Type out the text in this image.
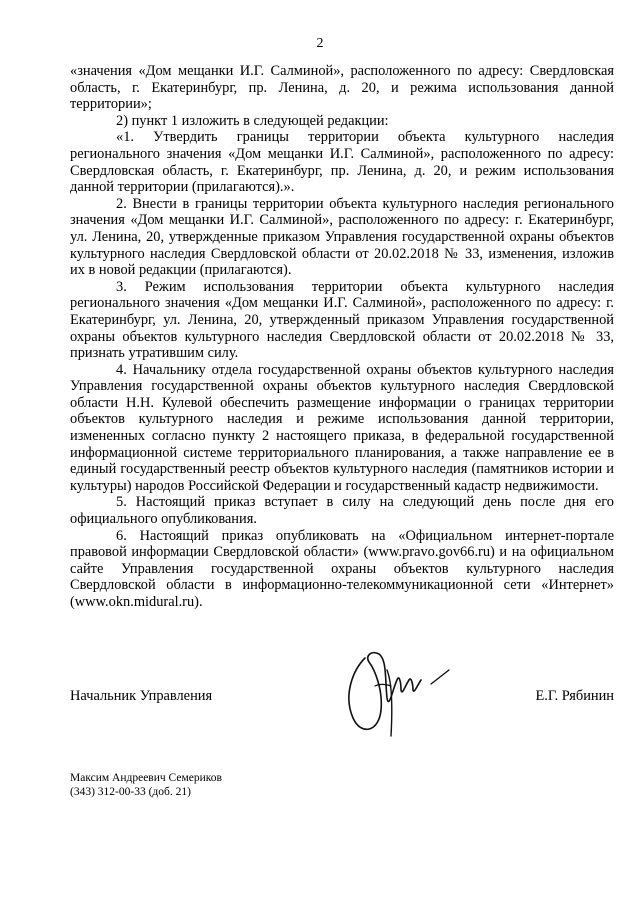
2

«значения «Дом мещанки И.Г. Салминой», расположенного по адресу: Свердловская область, г. Екатеринбург, пр. Ленина, д. 20, и режима использования данной территории»;

2) пункт 1 изложить в следующей редакции:

«1. Утвердить границы территории объекта культурного наследия регионального значения «Дом мещанки И.Г. Салминой», расположенного по адресу: Свердловская область, г. Екатеринбург, пр. Ленина, д. 20, и режим использования данной территории (прилагаются).».

2. Внести в границы территории объекта культурного наследия регионального значения «Дом мещанки И.Г. Салминой», расположенного по адресу: г. Екатеринбург, ул. Ленина, 20, утвержденные приказом Управления государственной охраны объектов культурного наследия Свердловской области от 20.02.2018 № 33, изменения, изложив их в новой редакции (прилагаются).

3. Режим использования территории объекта культурного наследия регионального значения «Дом мещанки И.Г. Салминой», расположенного по адресу: г. Екатеринбург, ул. Ленина, 20, утвержденный приказом Управления государственной охраны объектов культурного наследия Свердловской области от 20.02.2018 № 33, признать утратившим силу.

4. Начальнику отдела государственной охраны объектов культурного наследия Управления государственной охраны объектов культурного наследия Свердловской области Н.Н. Кулевой обеспечить размещение информации о границах территории объектов культурного наследия и режиме использования данной территории, измененных согласно пункту 2 настоящего приказа, в федеральной государственной информационной системе территориального планирования, а также направление ее в единый государственный реестр объектов культурного наследия (памятников истории и культуры) народов Российской Федерации и государственный кадастр недвижимости.

5. Настоящий приказ вступает в силу на следующий день после дня его официального опубликования.

6. Настоящий приказ опубликовать на «Официальном интернет-портале правовой информации Свердловской области» (www.pravo.gov66.ru) и на официальном сайте Управления государственной охраны объектов культурного наследия Свердловской области в информационно-телекоммуникационной сети «Интернет» (www.okn.midural.ru).

Начальник Управления	Е.Г. Рябинин
Максим Андреевич Семериков
(343) 312-00-33 (доб. 21)
